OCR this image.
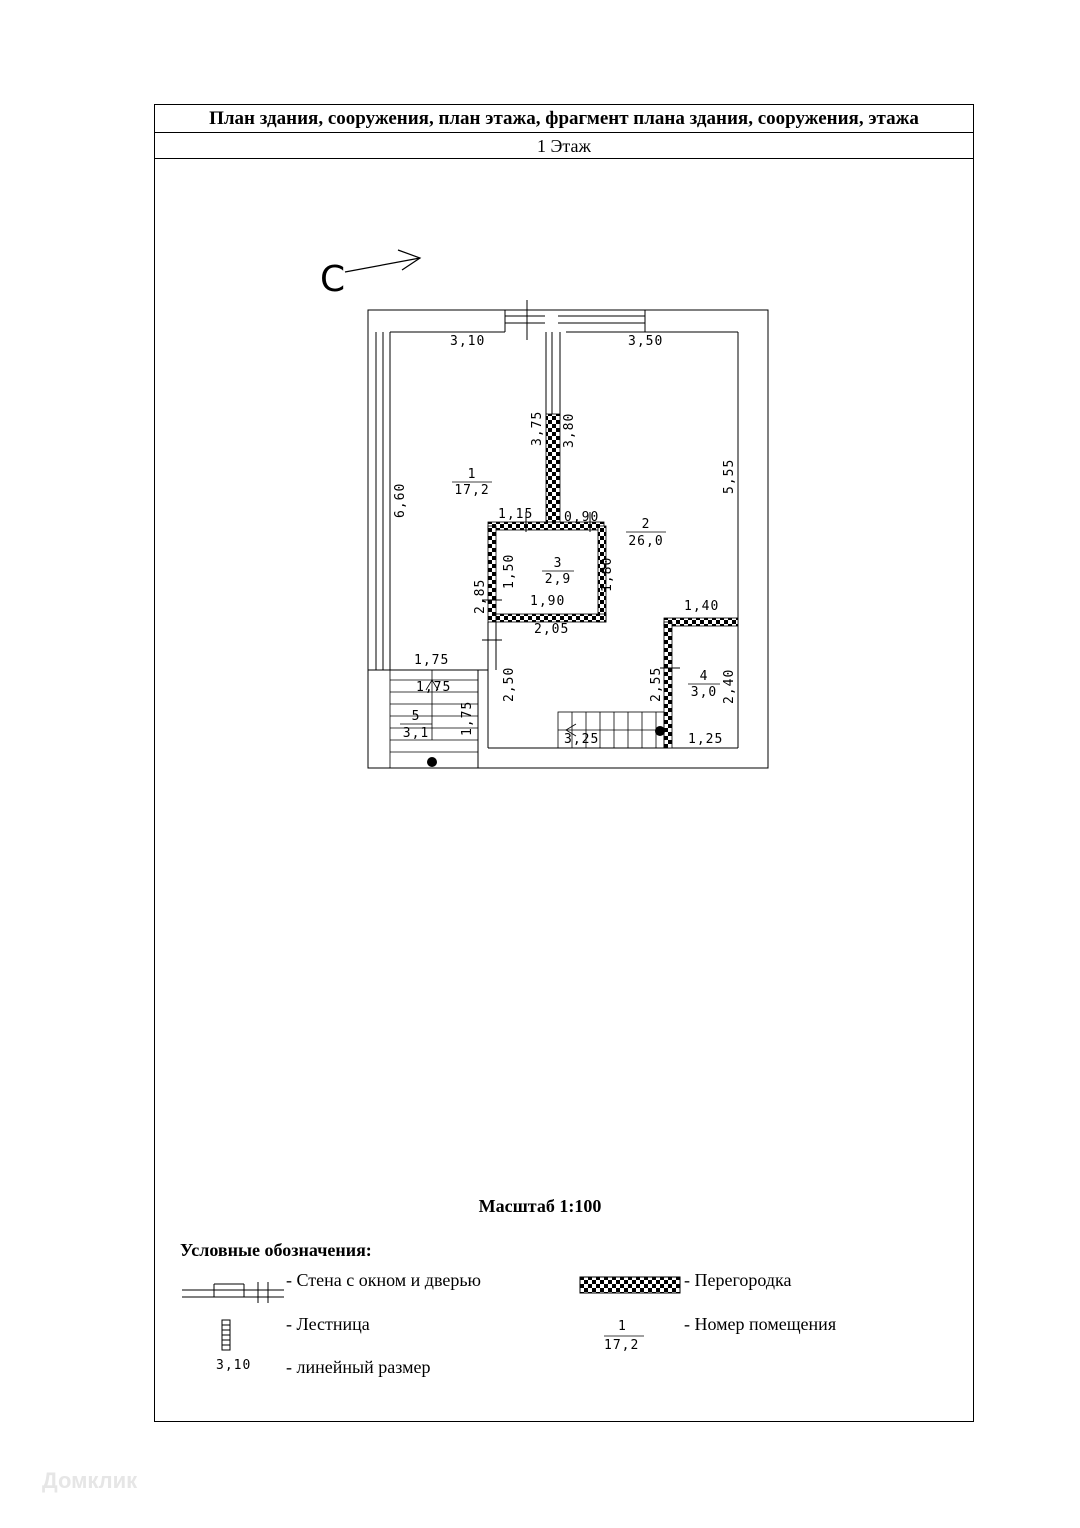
План здания, сооружения, план этажа, фрагмент плана здания, сооружения, этажа
1 Этаж
С
3,10	3,50
6,60
3,75 3,80
5,55
1,15 0,90
1,50	1,80
2,85	1,90
2,05
1,40
1,75
1,75
1,75
2,50	2,55	2,40
1,25
3,25
1
17,2
2
26,0
3
2,9
4
3,0
5
3,1
Масштаб 1:100
Условные обозначения:
- Стена с окном и дверью	- Перегородка
- Лестница	1
17,2
- Номер помещения
3,10 - линейный размер
Домклик
